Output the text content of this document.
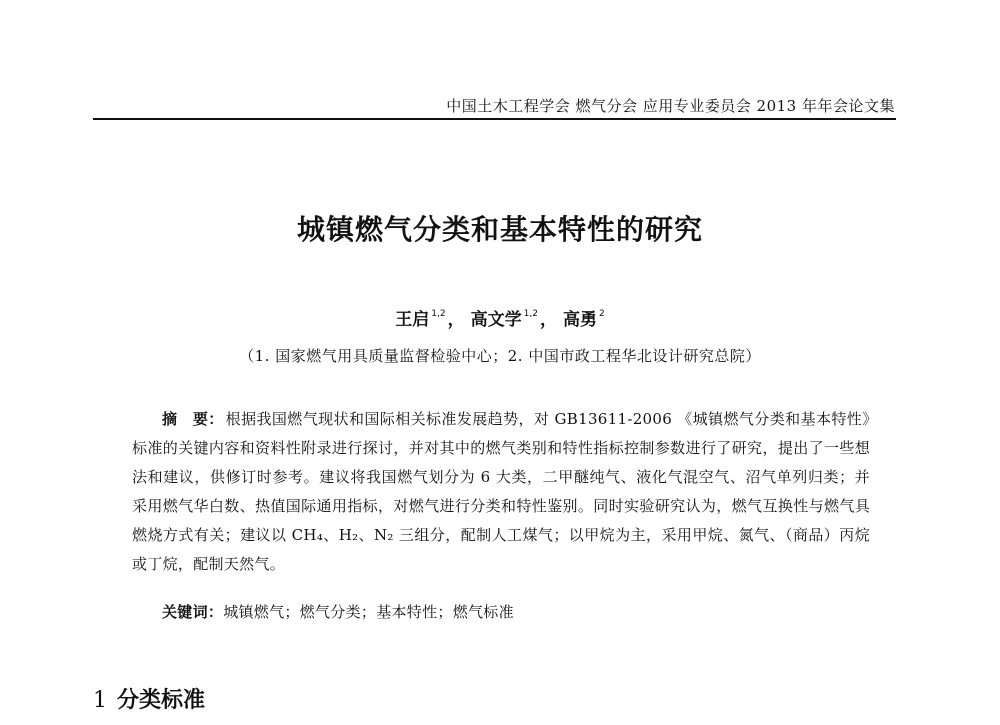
中国土木工程学会 燃气分会 应用专业委员会 2013 年年会论文集
城镇燃气分类和基本特性的研究
王启 $^{1,2}$ ， 高文学 $^{1,2}$ ， 高勇 $^2$
（1. 国家燃气用具质量监督检验中心；2. 中国市政工程华北设计研究总院）
摘　要： 根据我国燃气现状和国际相关标准发展趋势，对 GB13611-2006 《城镇燃气分类和基本特性》标准的关键内容和资料性附录进行探讨，并对其中的燃气类别和特性指标控制参数进行了研究，提出了一些想法和建议，供修订时参考。建议将我国燃气划分为 6 大类，二甲醚纯气、液化气混空气、沼气单列归类；并采用燃气华白数、热值国际通用指标，对燃气进行分类和特性鉴别。同时实验研究认为，燃气互换性与燃气具燃烧方式有关；建议以 CH₄、H₂、N₂ 三组分，配制人工煤气；以甲烷为主，采用甲烷、氮气、（商品）丙烷或丁烷，配制天然气。
关键词：城镇燃气；燃气分类；基本特性；燃气标准
1 分类标准
